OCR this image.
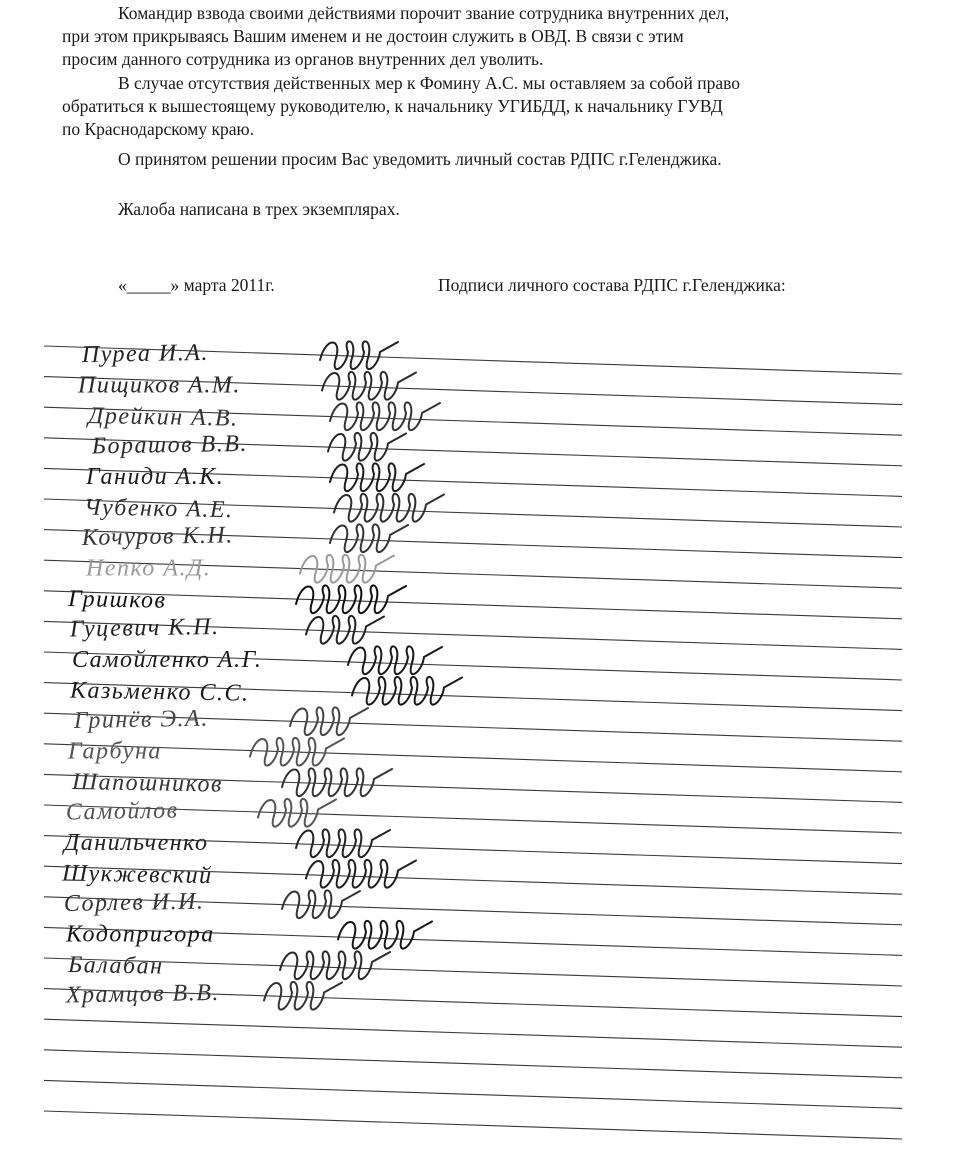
Командир взвода своими действиями порочит звание сотрудника внутренних дел,

при этом прикрываясь Вашим именем и не достоин служить в ОВД. В связи с этим

просим данного сотрудника из органов внутренних дел уволить.

В случае отсутствия действенных мер к Фомину А.С. мы оставляем за собой право

обратиться к вышестоящему руководителю, к начальнику УГИБДД, к начальнику ГУВД

по Краснодарскому краю.

О принятом решении просим Вас уведомить личный состав РДПС г.Геленджика.
Жалоба написана в трех экземплярах.
«_____» марта 2011г.	Подписи личного состава РДПС г.Геленджика:
Пуреа И.А.
Пищиков А.М.
Дрейкин А.В.
Борашов В.В.
Ганиди А.К.
Чубенко А.Е.
Кочуров К.Н.
Непко А.Д.
Гришков
Гуцевич К.П.
Самойленко А.Г.
Казьменко С.С.
Гринёв Э.А.
Гарбуна
Шапошников
Самойлов
Данильченко
Шукжевский
Сорлев И.И.
Кодопригора
Балабан
Храмцов В.В.
